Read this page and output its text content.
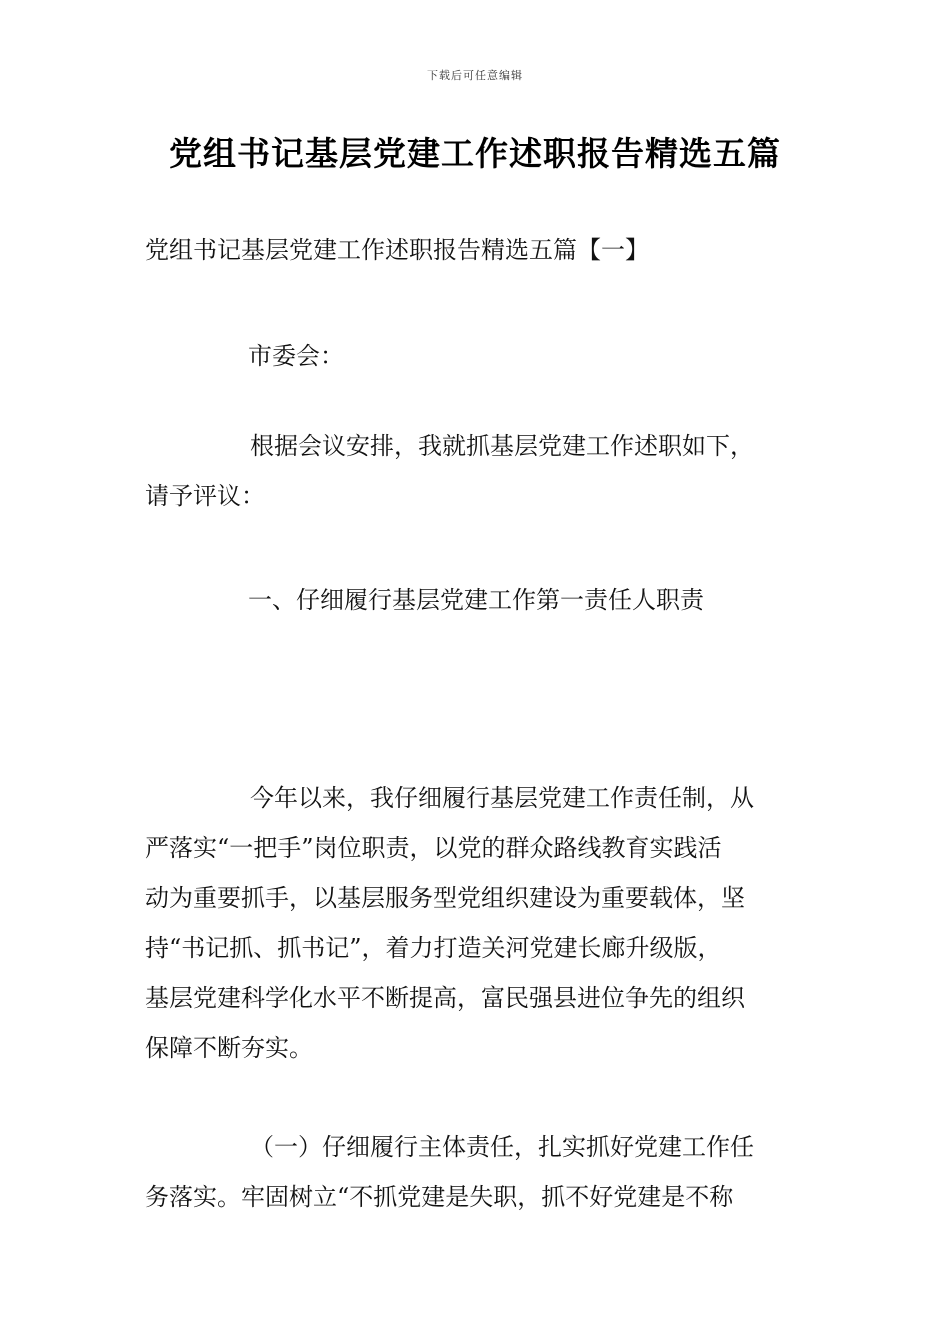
下载后可任意编辑
党组书记基层党建工作述职报告精选五篇
党组书记基层党建工作述职报告精选五篇【一】
市委会：
根据会议安排，我就抓基层党建工作述职如下，
请予评议：
一、仔细履行基层党建工作第一责任人职责
今年以来，我仔细履行基层党建工作责任制，从
严落实“一把手”岗位职责，以党的群众路线教育实践活
动为重要抓手，以基层服务型党组织建设为重要载体，坚
持“书记抓、抓书记”，着力打造关河党建长廊升级版，
基层党建科学化水平不断提高，富民强县进位争先的组织
保障不断夯实。
（一）仔细履行主体责任，扎实抓好党建工作任
务落实。牢固树立“不抓党建是失职，抓不好党建是不称
